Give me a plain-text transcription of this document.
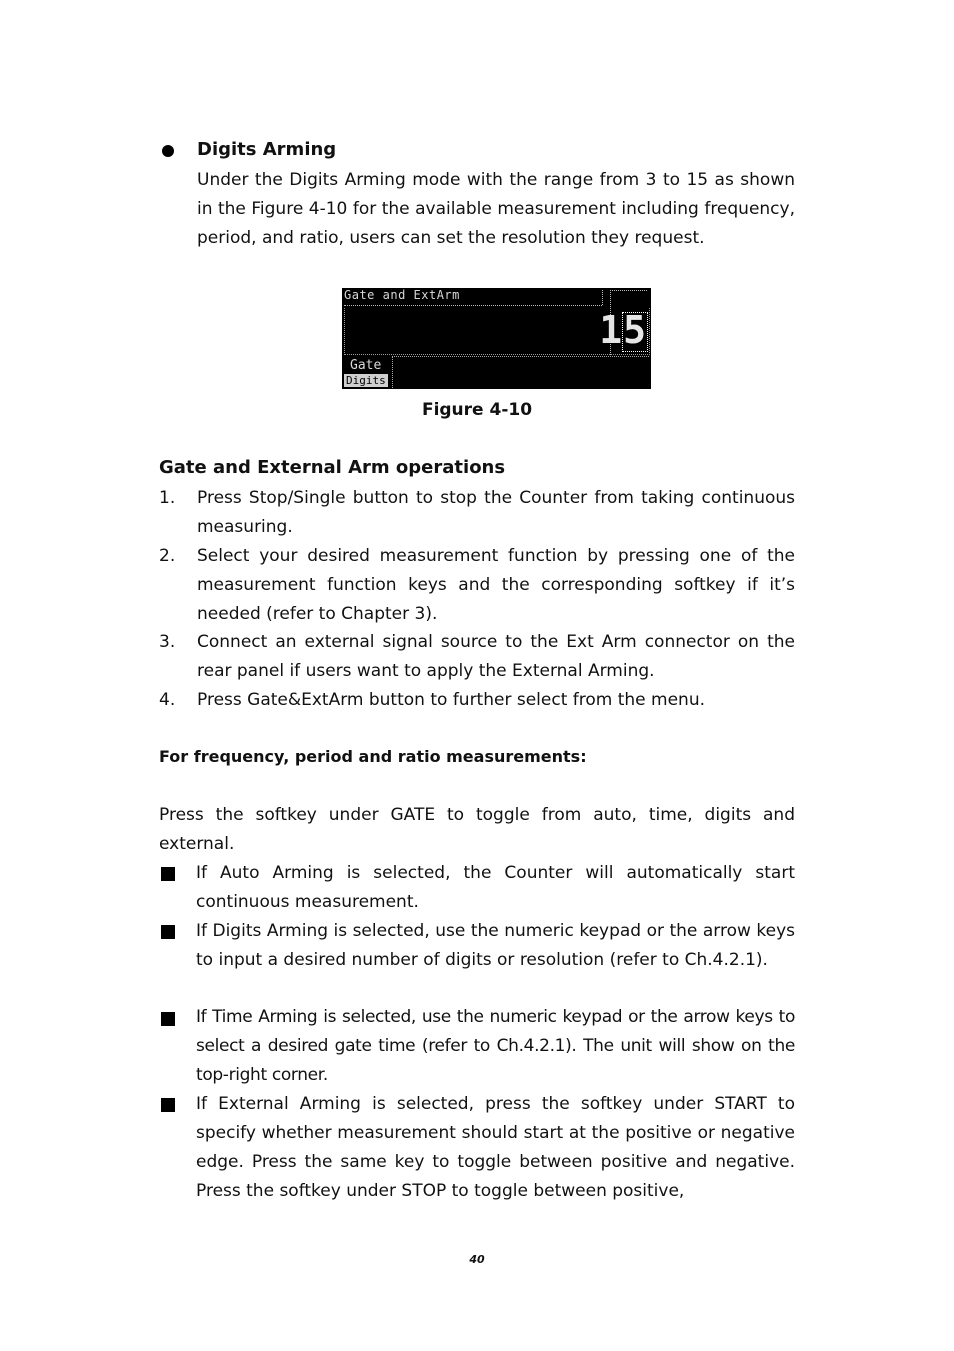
Digits Arming
Under the Digits Arming mode with the range from 3 to 15 as shown in the Figure 4-10 for the available measurement including frequency, period, and ratio, users can set the resolution they request.
Gate and ExtArm
15
Gate
Digits
Figure 4-10
Gate and External Arm operations
1. Press Stop/Single button to stop the Counter from taking continuous measuring.
2. Select your desired measurement function by pressing one of the measurement function keys and the corresponding softkey if it’s needed (refer to Chapter 3).
3. Connect an external signal source to the Ext Arm connector on the rear panel if users want to apply the External Arming.
4. Press Gate&ExtArm button to further select from the menu.
For frequency, period and ratio measurements:
Press the softkey under GATE to toggle from auto, time, digits and external.
If Auto Arming is selected, the Counter will automatically start continuous measurement.
If Digits Arming is selected, use the numeric keypad or the arrow keys to input a desired number of digits or resolution (refer to Ch.4.2.1).
If Time Arming is selected, use the numeric keypad or the arrow keys to select a desired gate time (refer to Ch.4.2.1). The unit will show on the top-right corner.
If External Arming is selected, press the softkey under START to specify whether measurement should start at the positive or negative edge. Press the same key to toggle between positive and negative. Press the softkey under STOP to toggle between positive,
40
